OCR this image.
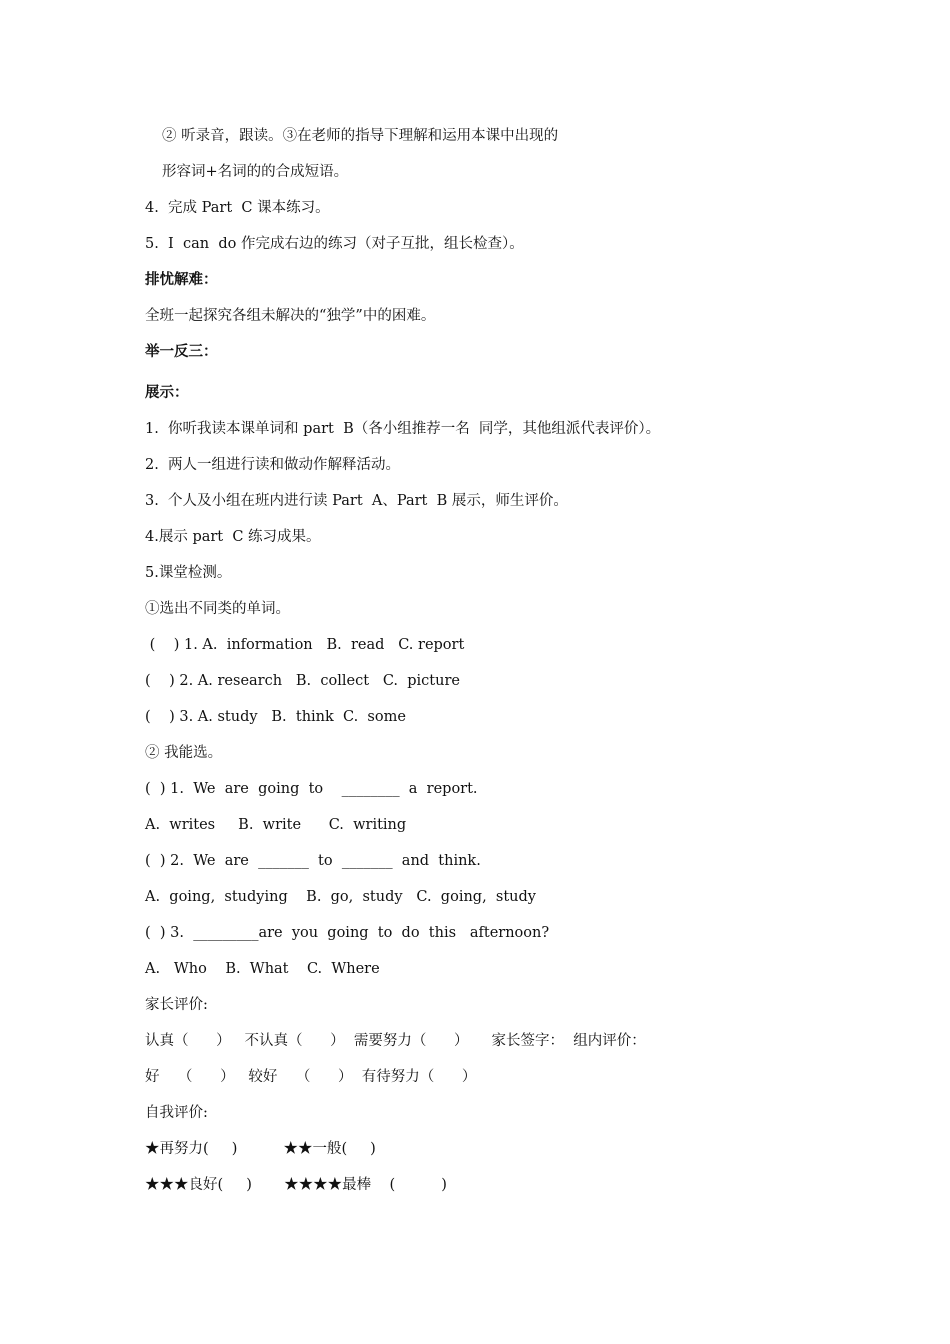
② 听录音，跟读。③在老师的指导下理解和运用本课中出现的
形容词+名词的的合成短语。
4.  完成 Part  C 课本练习。
5.  I  can  do 作完成右边的练习（对子互批，组长检查）。
排忧解难：
全班一起探究各组未解决的“独学”中的困难。
举一反三：
展示：
1.  你听我读本课单词和 part  B（各小组推荐一名  同学，其他组派代表评价）。
2.  两人一组进行读和做动作解释活动。
3.  个人及小组在班内进行读 Part  A、Part  B 展示，师生评价。
4.展示 part  C 练习成果。
5.课堂检测。
①选出不同类的单词。
(    ) 1. A.  information   B.  read   C. report
(    ) 2. A. research   B.  collect   C.  picture
(    ) 3. A. study   B.  think  C.  some
② 我能选。
(  ) 1.  We  are  going  to    ________  a  report.
A.  writes     B.  write      C.  writing
(  ) 2.  We  are  _______  to  _______  and  think.
A.  going,  studying    B.  go,  study   C.  going,  study
(  ) 3.  _________are  you  going  to  do  this   afternoon?
A.   Who    B.  What    C.  Where
家长评价:
认真（      ）   不认真（      ）  需要努力（      ）     家长签字：  组内评价：
好    （      ）   较好    （      ）  有待努力（      ）
自我评价:
★再努力(     )          ★★一般(     )
★★★良好(     )       ★★★★最棒    (          )
